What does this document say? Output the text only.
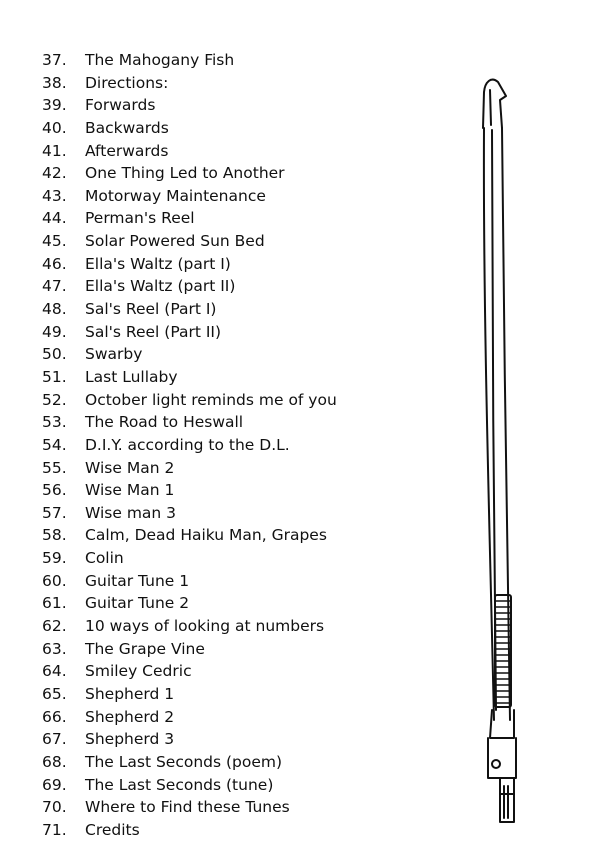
37. The Mahogany Fish
38. Directions:
39. Forwards
40. Backwards
41. Afterwards
42. One Thing Led to Another
43. Motorway Maintenance
44. Perman's Reel
45. Solar Powered Sun Bed
46. Ella's Waltz (part I)
47. Ella's Waltz (part II)
48. Sal's Reel (Part I)
49. Sal's Reel (Part II)
50. Swarby
51. Last Lullaby
52. October light reminds me of you
53. The Road to Heswall
54. D.I.Y. according to the D.L.
55. Wise Man 2
56. Wise Man 1
57. Wise man 3
58. Calm, Dead Haiku Man, Grapes
59. Colin
60. Guitar Tune 1
61. Guitar Tune 2
62. 10 ways of looking at numbers
63. The Grape Vine
64. Smiley Cedric
65. Shepherd 1
66. Shepherd 2
67. Shepherd 3
68. The Last Seconds (poem)
69. The Last Seconds (tune)
70. Where to Find these Tunes
71. Credits
